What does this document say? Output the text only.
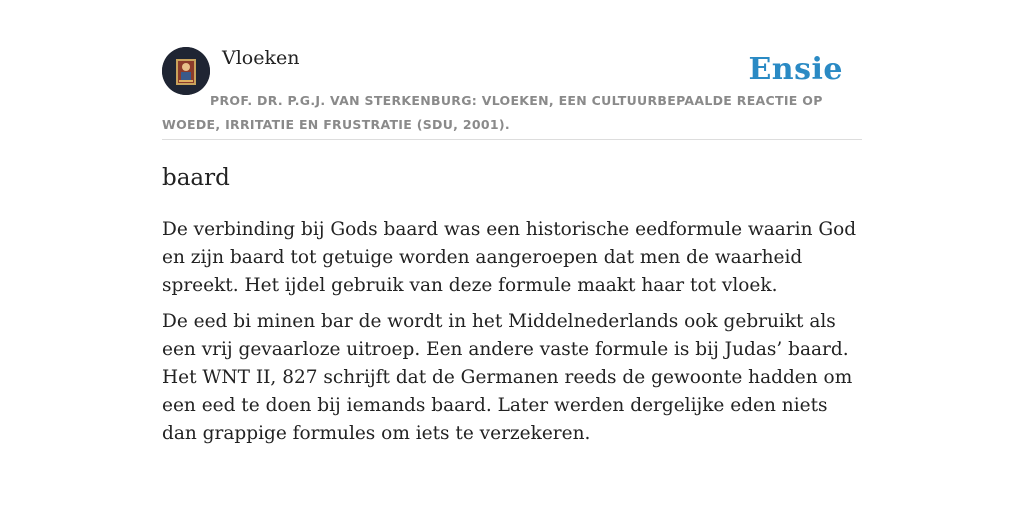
Vloeken	Ensie
PROF. DR. P.G.J. VAN STERKENBURG: VLOEKEN, EEN CULTUURBEPAALDE REACTIE OP WOEDE, IRRITATIE EN FRUSTRATIE (SDU, 2001).
baard

De verbinding bij Gods baard was een historische eedformule waarin God en zijn baard tot getuige worden aangeroepen dat men de waarheid spreekt. Het ijdel gebruik van deze formule maakt haar tot vloek.

De eed bi minen bar de wordt in het Middelnederlands ook gebruikt als een vrij gevaarloze uitroep. Een andere vaste formule is bij Judas’ baard. Het WNT II, 827 schrijft dat de Germanen reeds de gewoonte hadden om een eed te doen bij iemands baard. Later werden dergelijke eden niets dan grappige formules om iets te verzekeren.
